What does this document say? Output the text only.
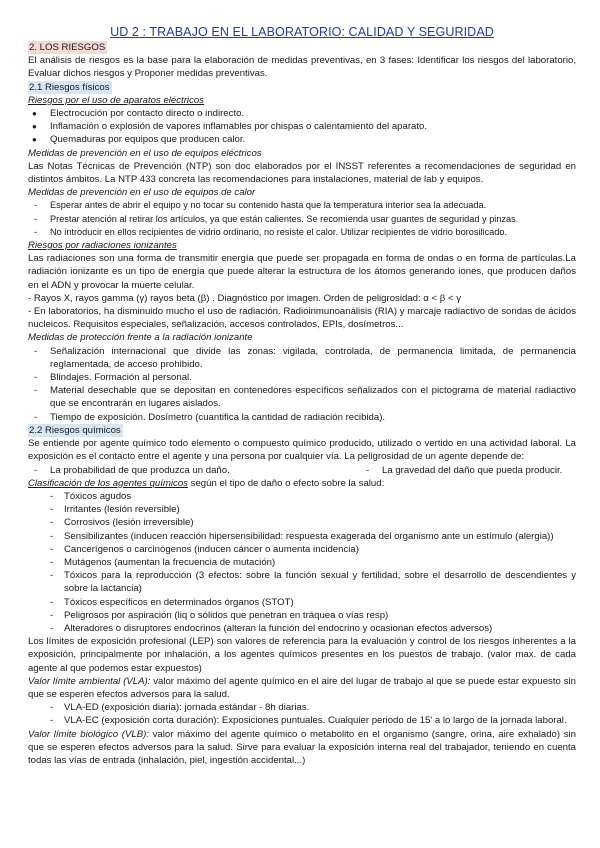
UD 2 : TRABAJO EN EL LABORATORIO: CALIDAD Y SEGURIDAD
2. LOS RIESGOS

El análisis de riesgos es la base para la elaboración de medidas preventivas, en 3 fases: Identificar los riesgos del laboratorio, Evaluar dichos riesgos y Proponer medidas preventivas.

2.1 Riesgos físicos
Riesgos por el uso de aparatos eléctricos
● Electrocución por contacto directo o indirecto.
● Inflamación o explosión de vapores inflamables por chispas o calentamiento del aparato.
● Quemaduras por equipos que producen calor.
Medidas de prevención en el uso de equipos eléctricos

Las Notas Técnicas de Prevención (NTP) son doc elaborados por el INSST referentes a recomendaciones de seguridad en distintos ámbitos. La NTP 433 concreta las recomendaciones para instalaciones, material de lab y equipos.

Medidas de prevención en el uso de equipos de calor
- Esperar antes de abrir el equipo y no tocar su contenido hasta que la temperatura interior sea la adecuada.
- Prestar atención al retirar los artículos, ya que están calientes. Se recomienda usar guantes de seguridad y pinzas.
- No introducir en ellos recipientes de vidrio ordinario, no resiste el calor. Utilizar recipientes de vidrio borosilicado.
Riesgos por radiaciones ionizantes

Las radiaciones son una forma de transmitir energía que puede ser propagada en forma de ondas o en forma de partículas.La radiación ionizante es un tipo de energía que puede alterar la estructura de los átomos generando iones, que producen daños en el ADN y provocar la muerte celular.

- Rayos X, rayos gamma (γ) rayos beta (β) . Diagnóstico por imagen. Orden de peligrosidad: α < β < γ

- En laboratorios, ha disminuido mucho el uso de radiación. Radioinmunoanálisis (RIA) y marcaje radiactivo de sondas de ácidos nucleicos. Requisitos especiales, señalización, accesos controlados, EPIs, dosímetros...

Medidas de protección frente a la radiación ionizante
- Señalización internacional que divide las zonas: vigilada, controlada, de permanencia limitada, de permanencia reglamentada, de acceso prohibido.
- Blindajes. Formación al personal.
- Material desechable que se depositan en contenedores específicos señalizados con el pictograma de material radiactivo que se encontrarán en lugares aislados.
- Tiempo de exposición. Dosímetro (cuantifica la cantidad de radiación recibida).
2.2 Riesgos químicos

Se entiende por agente químico todo elemento o compuesto químico producido, utilizado o vertido en una actividad laboral. La exposición es el contacto entre el agente y una persona por cualquier vía. La peligrosidad de un agente depende de:

- La probabilidad de que produzca un daño.
-	La gravedad del daño que pueda producir.
Clasificación de los agentes químicos según el tipo de daño o efecto sobre la salud:
- Tóxicos agudos
- Irritantes (lesión reversible)
- Corrosivos (lesión irreversible)
- Sensibilizantes (inducen reacción hipersensibilidad: respuesta exagerada del organismo ante un estímulo (alergia))
- Cancerígenos o carcinógenos (inducen cáncer o aumenta incidencia)
- Mutágenos (aumentan la frecuencia de mutación)
- Tóxicos para la reproducción (3 efectos: sobre la función sexual y fertilidad, sobre el desarrollo de descendientes y sobre la lactancia)
- Tóxicos específicos en determinados órganos (STOT)
- Peligrosos por aspiración (liq o sólidos que penetran en tráquea o vías resp)
- Alteradores o disruptores endocrinos (alteran la función del endocrino y ocasionan efectos adversos)

Los límites de exposición profesional (LEP) son valores de referencia para la evaluación y control de los riesgos inherentes a la exposición, principalmente por inhalación, a los agentes químicos presentes en los puestos de trabajo. (valor max. de cada agente al que podemos estar expuestos)

Valor límite ambiental (VLA): valor máximo del agente químico en el aire del lugar de trabajo al que se puede estar expuesto sin que se esperen efectos adversos para la salud.

- VLA-ED (exposición diaria): jornada estándar - 8h diarias.
- VLA-EC (exposición corta duración): Exposiciones puntuales. Cualquier periodo de 15' a lo largo de la jornada laboral.

Valor límite biológico (VLB): valor máximo del agente químico o metabolito en el organismo (sangre, orina, aire exhalado) sin que se esperen efectos adversos para la salud. Sirve para evaluar la exposición interna real del trabajador, teniendo en cuenta todas las vías de entrada (inhalación, piel, ingestión accidental...)
